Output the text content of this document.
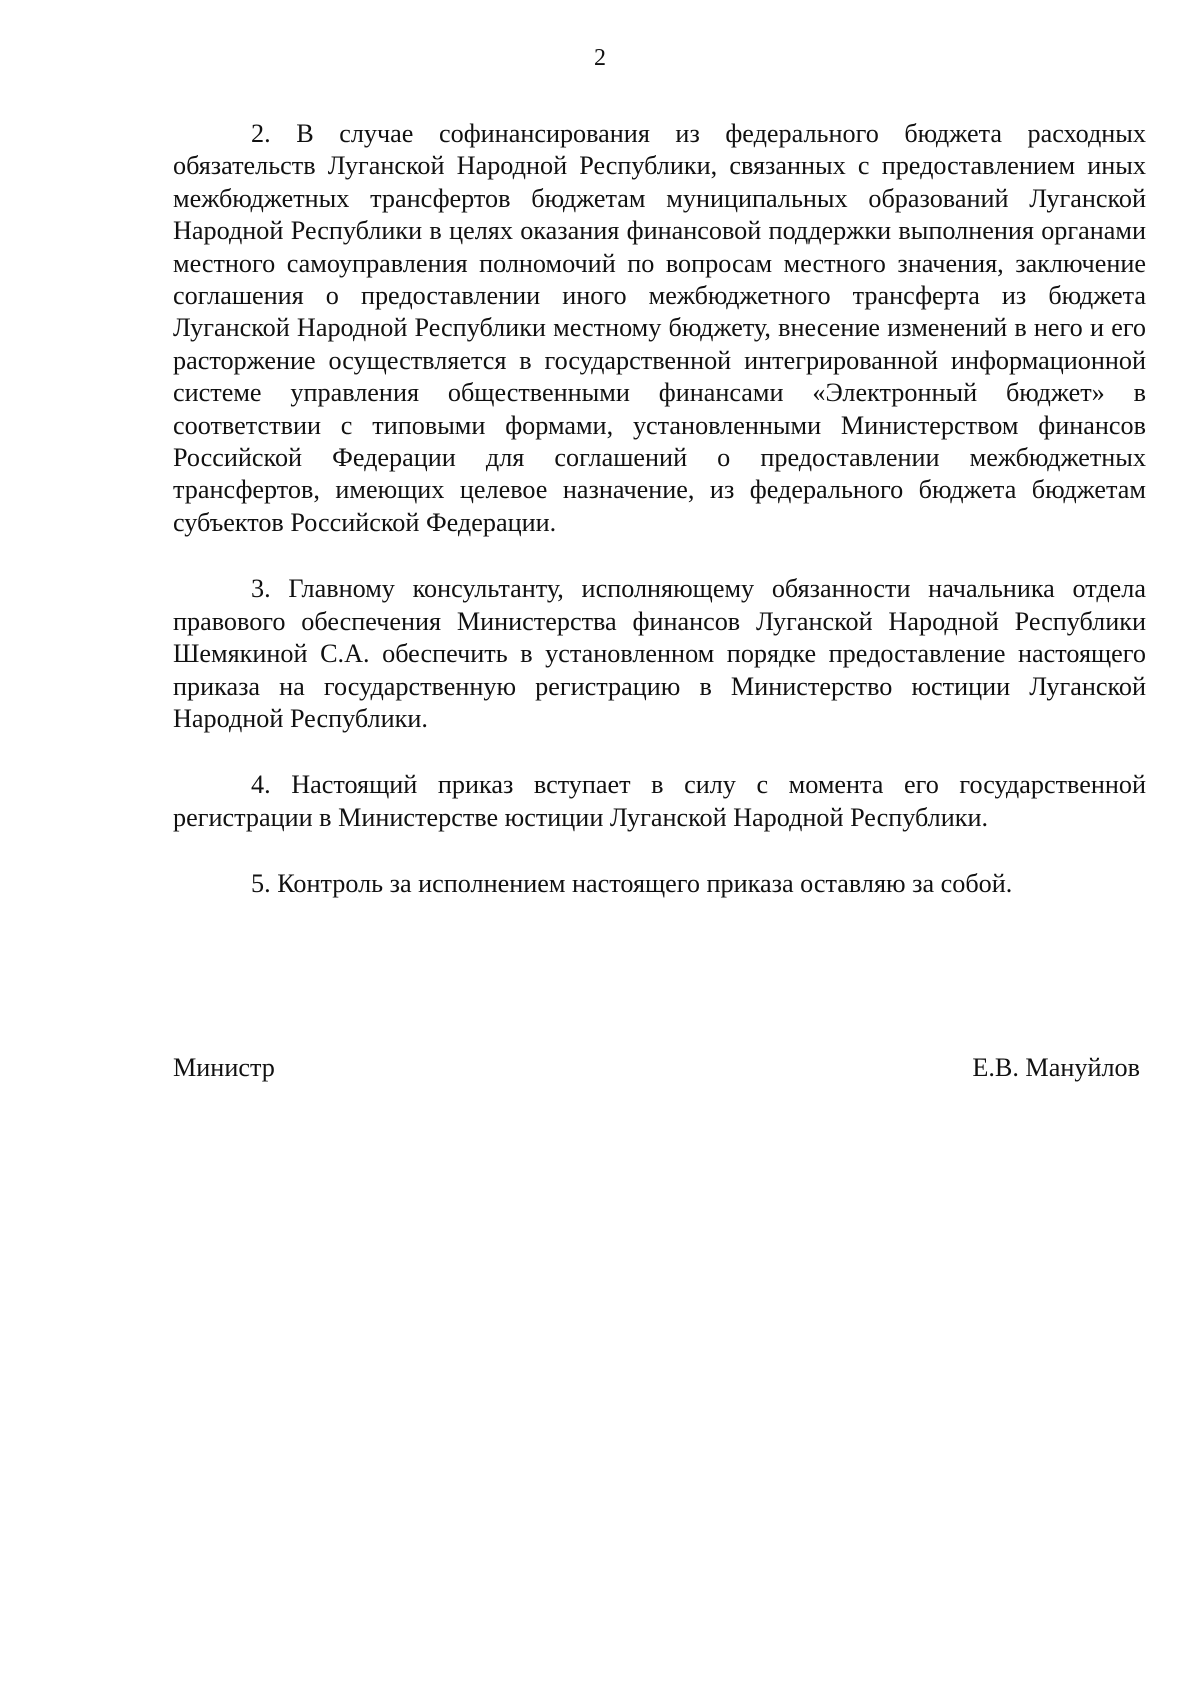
2

2. В случае софинансирования из федерального бюджета расходных обязательств Луганской Народной Республики, связанных с предоставлением иных межбюджетных трансфертов бюджетам муниципальных образований Луганской Народной Республики в целях оказания финансовой поддержки выполнения органами местного самоуправления полномочий по вопросам местного значения, заключение соглашения о предоставлении иного межбюджетного трансферта из бюджета Луганской Народной Республики местному бюджету, внесение изменений в него и его расторжение осуществляется в государственной интегрированной информационной системе управления общественными финансами «Электронный бюджет» в соответствии с типовыми формами, установленными Министерством финансов Российской Федерации для соглашений о предоставлении межбюджетных трансфертов, имеющих целевое назначение, из федерального бюджета бюджетам субъектов Российской Федерации.

3. Главному консультанту, исполняющему обязанности начальника отдела правового обеспечения Министерства финансов Луганской Народной Республики Шемякиной С.А. обеспечить в установленном порядке предоставление настоящего приказа на государственную регистрацию в Министерство юстиции Луганской Народной Республики.

4. Настоящий приказ вступает в силу с момента его государственной регистрации в Министерстве юстиции Луганской Народной Республики.

5. Контроль за исполнением настоящего приказа оставляю за собой.

Министр	Е.В. Мануйлов
